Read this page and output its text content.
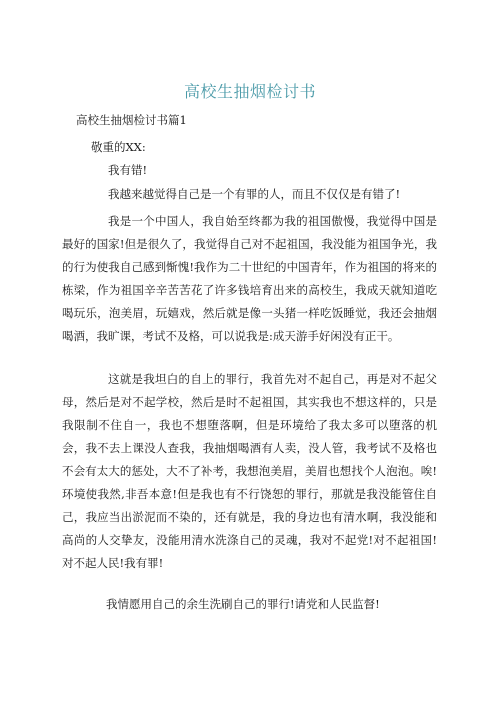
高校生抽烟检讨书
高校生抽烟检讨书篇1
敬重的XX:

我有错!

我越来越觉得自己是一个有罪的人，而且不仅仅是有错了!

我是一个中国人，我自始至终都为我的祖国傲慢，我觉得中国是最好的国家!但是很久了，我觉得自己对不起祖国，我没能为祖国争光，我的行为使我自己感到惭愧!我作为二十世纪的中国青年，作为祖国的将来的栋梁，作为祖国辛辛苦苦花了许多钱培育出来的高校生，我成天就知道吃喝玩乐，泡美眉，玩嬉戏，然后就是像一头猪一样吃饭睡觉，我还会抽烟喝酒，我旷课，考试不及格，可以说我是:成天游手好闲没有正干。

这就是我坦白的自上的罪行，我首先对不起自己，再是对不起父母，然后是对不起学校，然后是时不起祖国，其实我也不想这样的，只是我限制不住自一，我也不想堕落啊，但是环境给了我太多可以堕落的机会，我不去上课没人查我，我抽烟喝酒有人卖，没人管，我考试不及格也不会有太大的惩处，大不了补考，我想泡美眉，美眉也想找个人泡泡。唉!环境使我然,非吾本意!但是我也有不行饶恕的罪行，那就是我没能管住自己，我应当出淤泥而不染的，还有就是，我的身边也有清水啊，我没能和高尚的人交挚友，没能用清水洗涤自己的灵魂，我对不起党!对不起祖国!对不起人民!我有罪!

我情愿用自己的余生洗刷自己的罪行!请党和人民监督!
